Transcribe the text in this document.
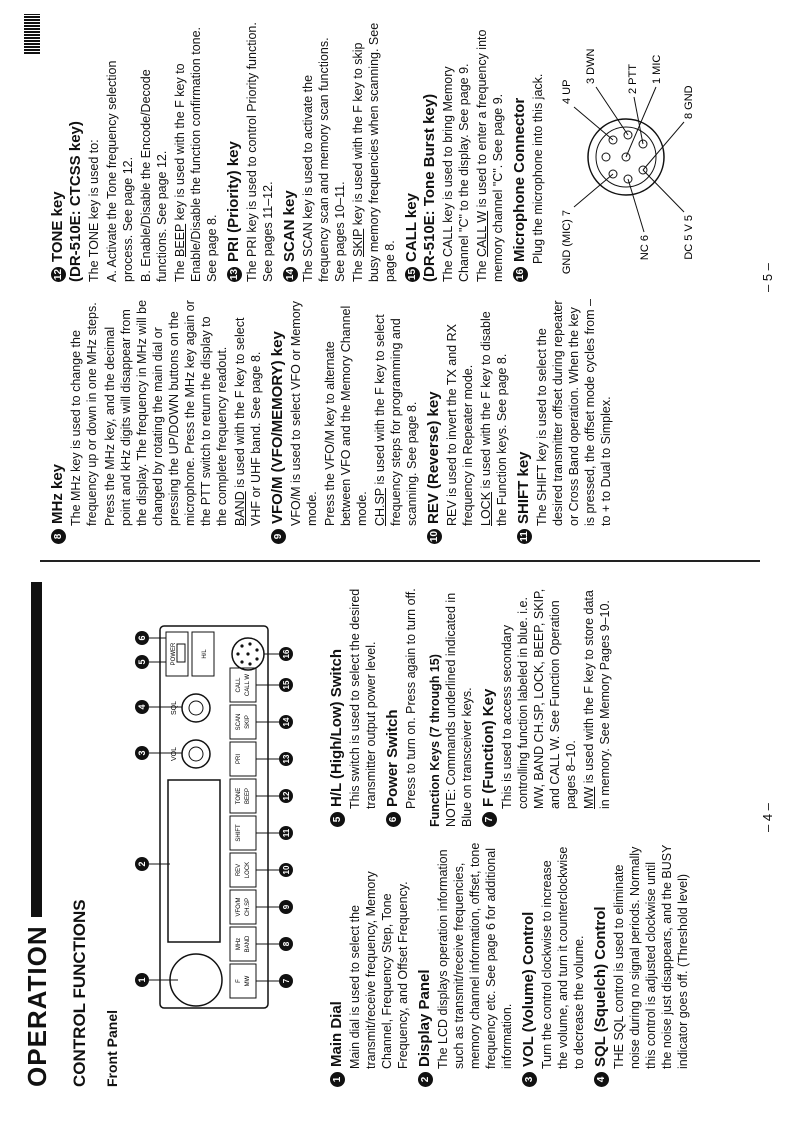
OPERATION CONTROL FUNCTIONS Front Panel
1
2
3
4
5
6
VOL
SQL
POWER	H/L
F MW
MHz BAND
VFO/M CH.SP
REV LOCK
SHIFT
TONE BEEP
PRI
SCAN SKIP
CALL CALL W
7
8
9
10
11
12
13
14
15
16
1
Main Dial Main dial is used to select the transmit/receive frequency, Memory Channel, Frequency Step, Tone Frequency, and Offset Frequency.

2
Display Panel The LCD displays operation information such as transmit/receive frequencies, memory channel information, offset, tone frequency etc. See page 6 for additional information.

3
VOL (Volume) Control Turn the control clockwise to increase the volume, and turn it counterclockwise to decrease the volume.

4
SQL (Squelch) Control THE SQL control is used to eliminate noise during no signal periods. Normally this control is adjusted clockwise until the noise just disappears, and the BUSY indicator goes off. (Threshold level)

5
H/L (High/Low) Switch This switch is used to select the desired transmitter output power level.

6
Power Switch Press to turn on. Press again to turn off. Function Keys (7 through 15) NOTE: Commands underlined indicated in Blue on transceiver keys. 7
F (Function) Key This is used to access secondary controlling function labeled in blue. i.e. MW, BAND CH.SP, LOCK, BEEP, SKIP, and CALL W. See Function Operation pages 8–10. MW is used with the F key to store data in memory. See Memory Pages 9–10.

8
MHz key The MHz key is used to change the frequency up or down in one MHz steps. Press the MHz key, and the decimal point and kHz digits will disappear from the display. The frequency in MHz will be changed by rotating the main dial or pressing the UP/DOWN buttons on the microphone. Press the MHz key again or the PTT switch to return the display to the complete frequency readout. BAND is used with the F key to select VHF or UHF band. See page 8.

9
VFO/M (VFO/MEMORY) key VFO/M is used to select VFO or Memory mode. Press the VFO/M key to alternate between VFO and the Memory Channel mode. CH.SP is used with the F key to select frequency steps for programming and scanning. See page 8.

10
REV (Reverse) key REV is used to invert the TX and RX frequency in Repeater mode. LOCK is used with the F key to disable the Function keys. See page 8.

11
SHIFT key The SHIFT key is used to select the desired transmitter offset during repeater or Cross Band operation. When the key is pressed, the offset mode cycles from – to + to Dual to Simplex.

12
TONE key (DR-510E: CTCSS key) The TONE key is used to: A. Activate the Tone frequency selection process. See page 12. B. Enable/Disable the Encode/Decode functions. See page 12. The BEEP key is used with the F key to Enable/Disable the function confirmation tone. See page 8. 13
PRI (Priority) key The PRI key is used to control Priority function. See pages 11–12. 14
SCAN key The SCAN key is used to activate the frequency scan and memory scan functions. See pages 10–11. The SKIP key is used with the F key to skip busy memory frequencies when scanning. See page 8. 15
CALL key (DR-510E: Tone Burst key) The CALL key is used to bring Memory Channel "C" to the display. See page 9. The CALL W is used to enter a frequency into memory channel "C". See page 9. 16
Microphone Connector Plug the microphone into this jack. 4 UP
3 DWN	2 PTT 1 MIC
8 GND
GND (MIC) 7	NC 6	DC 5 V 5
– 4 –
– 5 –
